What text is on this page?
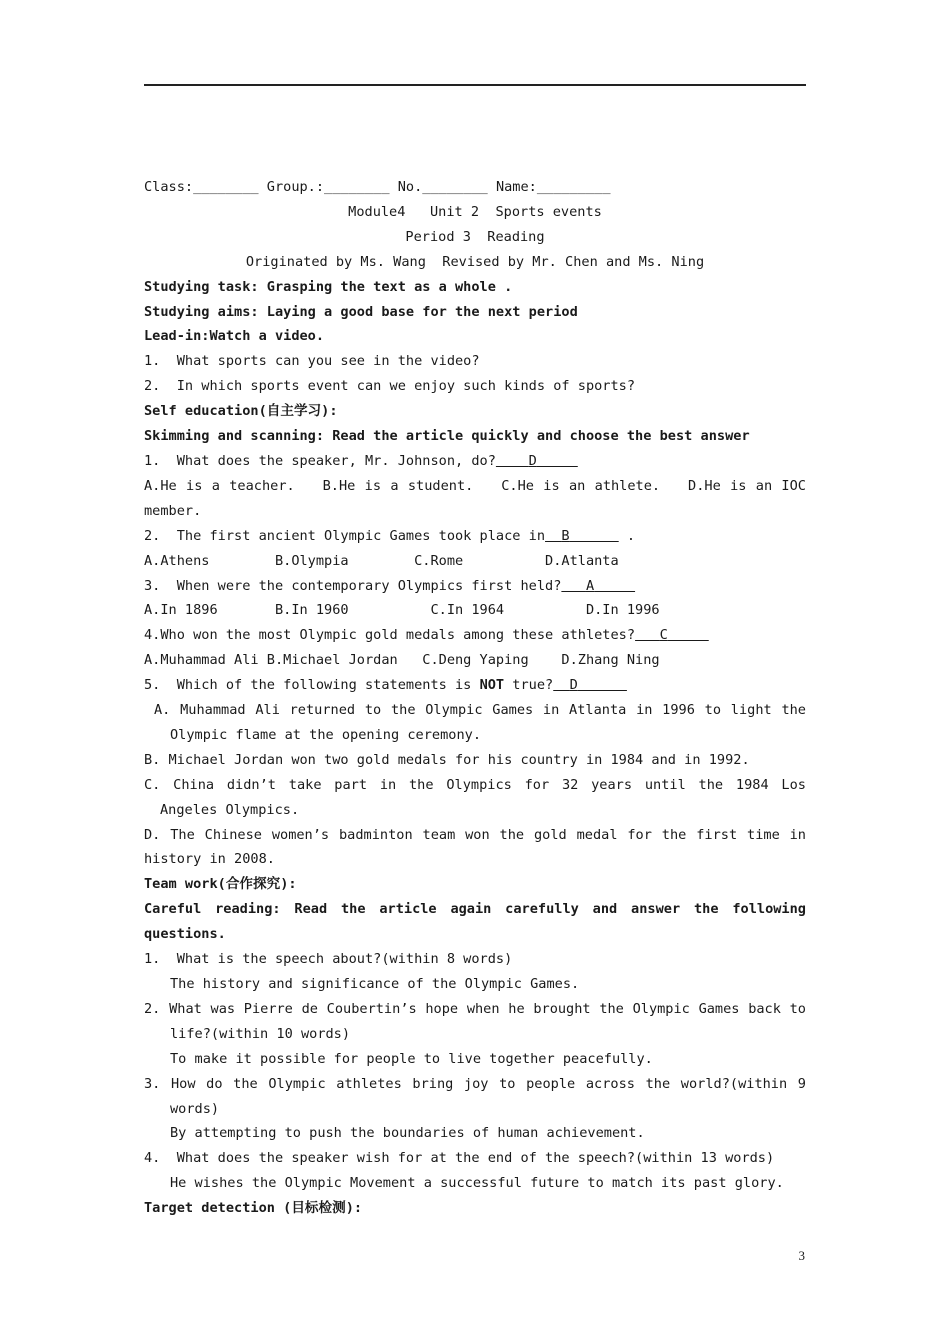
Class:________ Group.:________ No.________ Name:_________
Module4   Unit 2  Sports events
Period 3  Reading
Originated by Ms. Wang  Revised by Mr. Chen and Ms. Ning
Studying task: Grasping the text as a whole .
Studying aims: Laying a good base for the next period
Lead-in:Watch a video.
1.  What sports can you see in the video?
2.  In which sports event can we enjoy such kinds of sports?
Self education(自主学习):
Skimming and scanning: Read the article quickly and choose the best answer
1.  What does the speaker, Mr. Johnson, do? D
A.He is a teacher.   B.He is a student.   C.He is an athlete.   D.He is an IOC member.
2.  The first ancient Olympic Games took place in B	.
A.Athens        B.Olympia        C.Rome          D.Atlanta
3.  When were the contemporary Olympics first held? A
A.In 1896       B.In 1960          C.In 1964          D.In 1996
4.Who won the most Olympic gold medals among these athletes? C
A.Muhammad Ali B.Michael Jordan   C.Deng Yaping    D.Zhang Ning
5.  Which of the following statements is NOT true? D
A. Muhammad Ali returned to the Olympic Games in Atlanta in 1996 to light the Olympic flame at the opening ceremony.
B. Michael Jordan won two gold medals for his country in 1984 and in 1992.
C. China didn’t take part in the Olympics for 32 years until the 1984 Los Angeles Olympics.
D. The Chinese women’s badminton team won the gold medal for the first time in history in 2008.
Team work(合作探究):
Careful reading: Read the article again carefully and answer the following questions.
1.  What is the speech about?(within 8 words)
The history and significance of the Olympic Games.
2. What was Pierre de Coubertin’s hope when he brought the Olympic Games back to life?(within 10 words)
To make it possible for people to live together peacefully.
3. How do the Olympic athletes bring joy to people across the world?(within 9 words)
By attempting to push the boundaries of human achievement.
4.  What does the speaker wish for at the end of the speech?(within 13 words)
He wishes the Olympic Movement a successful future to match its past glory.
Target detection (目标检测):
3
